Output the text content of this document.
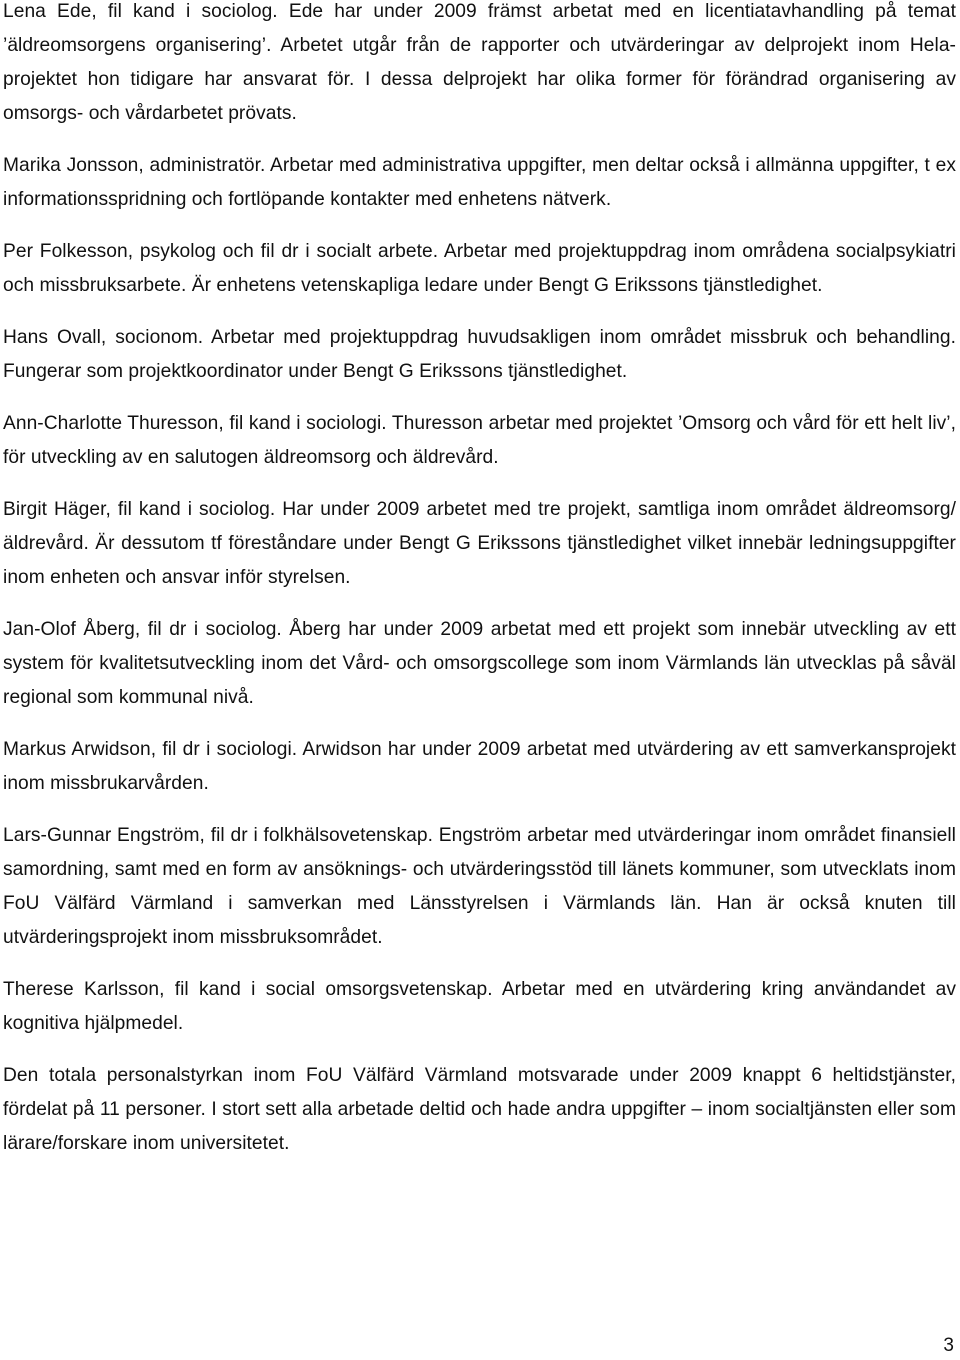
Lena Ede, fil kand i sociolog. Ede har under 2009 främst arbetat med en licentiatavhandling på temat ’äldreomsorgens organisering’. Arbetet utgår från de rapporter och utvärderingar av delprojekt inom Hela-projektet hon tidigare har ansvarat för. I dessa delprojekt har olika former för förändrad organisering av omsorgs- och vårdarbetet prövats.

Marika Jonsson, administratör. Arbetar med administrativa uppgifter, men deltar också i allmänna uppgifter, t ex informationsspridning och fortlöpande kontakter med enhetens nätverk.

Per Folkesson, psykolog och fil dr i socialt arbete. Arbetar med projektuppdrag inom områdena socialpsykiatri och missbruksarbete. Är enhetens vetenskapliga ledare under Bengt G Erikssons tjänstledighet.

Hans Ovall, socionom. Arbetar med projektuppdrag huvudsakligen inom området missbruk och behandling. Fungerar som projektkoordinator under Bengt G Erikssons tjänstledighet.

Ann-Charlotte Thuresson, fil kand i sociologi. Thuresson arbetar med projektet ’Omsorg och vård för ett helt liv’, för utveckling av en salutogen äldreomsorg och äldrevård.

Birgit Häger, fil kand i sociolog. Har under 2009 arbetet med tre projekt, samtliga inom området äldreomsorg/äldrevård. Är dessutom tf föreståndare under Bengt G Erikssons tjänstledighet vilket innebär ledningsuppgifter inom enheten och ansvar inför styrelsen.

Jan-Olof Åberg, fil dr i sociolog. Åberg har under 2009 arbetat med ett projekt som innebär utveckling av ett system för kvalitetsutveckling inom det Vård- och omsorgscollege som inom Värmlands län utvecklas på såväl regional som kommunal nivå.

Markus Arwidson, fil dr i sociologi. Arwidson har under 2009 arbetat med utvärdering av ett samverkansprojekt inom missbrukarvården.

Lars-Gunnar Engström, fil dr i folkhälsovetenskap. Engström arbetar med utvärderingar inom området finansiell samordning, samt med en form av ansöknings- och utvärderingsstöd till länets kommuner, som utvecklats inom FoU Välfärd Värmland i samverkan med Länsstyrelsen i Värmlands län. Han är också knuten till utvärderingsprojekt inom missbruksområdet.

Therese Karlsson, fil kand i social omsorgsvetenskap. Arbetar med en utvärdering kring användandet av kognitiva hjälpmedel.

Den totala personalstyrkan inom FoU Välfärd Värmland motsvarade under 2009 knappt 6 heltidstjänster, fördelat på 11 personer. I stort sett alla arbetade deltid och hade andra uppgifter – inom socialtjänsten eller som lärare/forskare inom universitetet.

3
